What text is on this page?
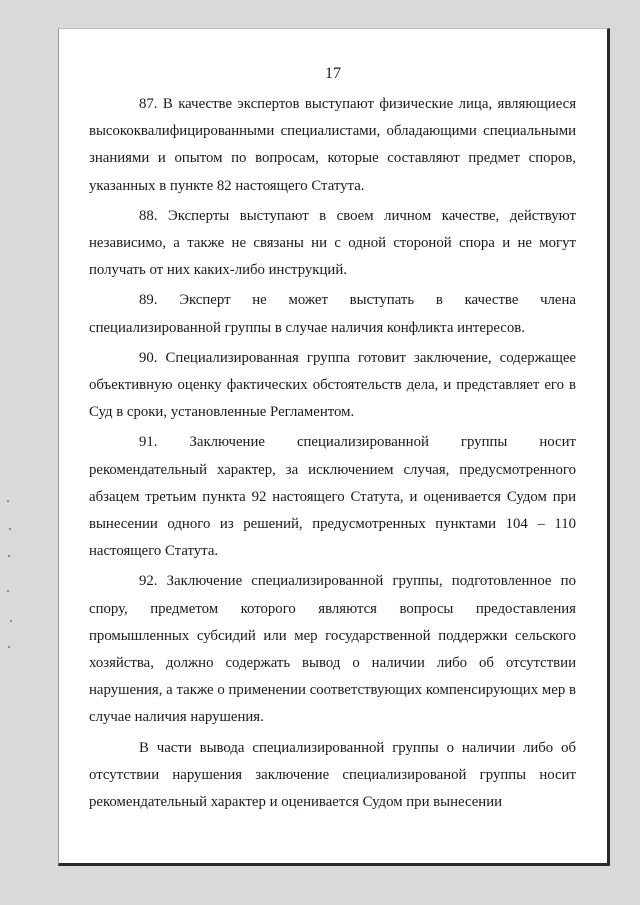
17

87. В качестве экспертов выступают физические лица, являющиеся высококвалифицированными специалистами, обладающими специальными знаниями и опытом по вопросам, которые составляют предмет споров, указанных в пункте 82 настоящего Статута.

88. Эксперты выступают в своем личном качестве, действуют независимо, а также не связаны ни с одной стороной спора и не могут получать от них каких-либо инструкций.

89. Эксперт не может выступать в качестве члена специализированной группы в случае наличия конфликта интересов.

90. Специализированная группа готовит заключение, содержащее объективную оценку фактических обстоятельств дела, и представляет его в Суд в сроки, установленные Регламентом.

91. Заключение специализированной группы носит рекомендательный характер, за исключением случая, предусмотренного абзацем третьим пункта 92 настоящего Статута, и оценивается Судом при вынесении одного из решений, предусмотренных пунктами 104 – 110 настоящего Статута.

92. Заключение специализированной группы, подготовленное по спору, предметом которого являются вопросы предоставления промышленных субсидий или мер государственной поддержки сельского хозяйства, должно содержать вывод о наличии либо об отсутствии нарушения, а также о применении соответствующих компенсирующих мер в случае наличия нарушения.

В части вывода специализированной группы о наличии либо об отсутствии нарушения заключение специализированой группы носит рекомендательный характер и оценивается Судом при вынесении
